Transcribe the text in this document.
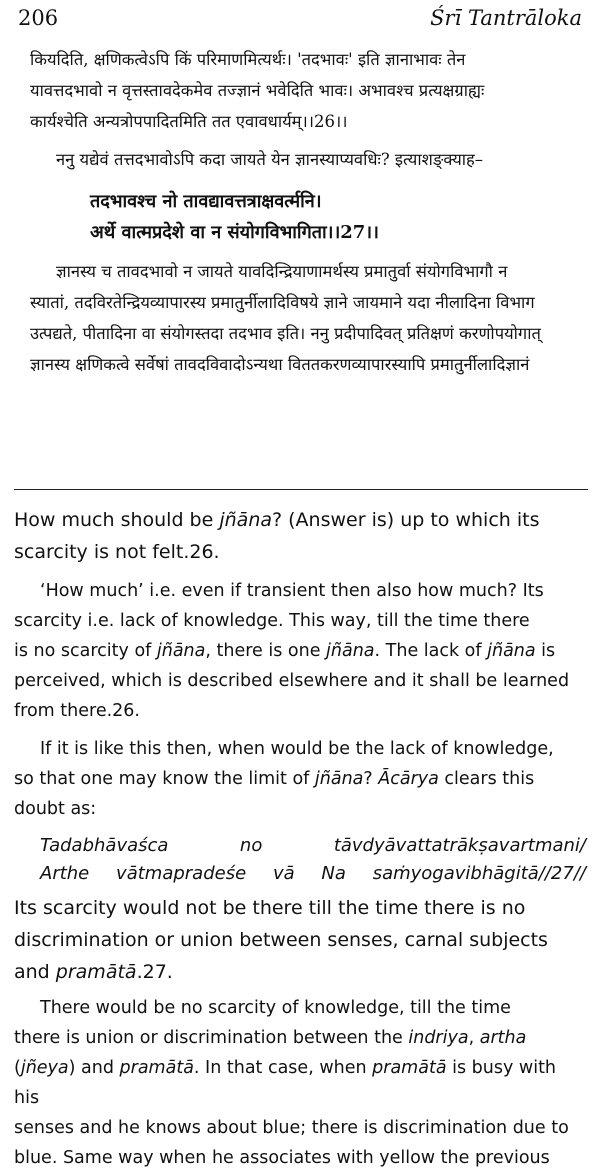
206	Śrī Tantrāloka
कियदिति, क्षणिकत्वेऽपि किं परिमाणमित्यर्थः। 'तदभावः' इति ज्ञानाभावः तेन
यावत्तदभावो न वृत्तस्तावदेकमेव तज्ज्ञानं भवेदिति भावः। अभावश्च प्रत्यक्षग्राह्यः
कार्यश्चेति अन्यत्रोपपादितमिति तत एवावधार्यम्।।26।।
ननु यद्येवं तत्तदभावोऽपि कदा जायते येन ज्ञानस्याप्यवधिः? इत्याशङ्क्याह–
तदभावश्च नो तावद्यावत्तत्राक्षवर्त्मनि।
अर्थे वात्मप्रदेशे वा न संयोगविभागिता।।27।।
ज्ञानस्य च तावदभावो न जायते यावदिन्द्रियाणामर्थस्य प्रमातुर्वा संयोगविभागौ न
स्यातां, तदविरतेन्द्रियव्यापारस्य प्रमातुर्नीलादिविषये ज्ञाने जायमाने यदा नीलादिना विभाग
उत्पद्यते, पीतादिना वा संयोगस्तदा तदभाव इति। ननु प्रदीपादिवत् प्रतिक्षणं करणोपयोगात्
ज्ञानस्य क्षणिकत्वे सर्वेषां तावदविवादोऽन्यथा विततकरणव्यापारस्यापि प्रमातुर्नीलादिज्ञानं
How much should be jñāna? (Answer is) up to which its
scarcity is not felt.26.
‘How much’ i.e. even if transient then also how much? Its
scarcity i.e. lack of knowledge. This way, till the time there
is no scarcity of jñāna, there is one jñāna. The lack of jñāna is
perceived, which is described elsewhere and it shall be learned
from there.26.
If it is like this then, when would be the lack of knowledge,
so that one may know the limit of jñāna? Ācārya clears this
doubt as:
Tadabhāvaśca	no	tāvdyāvattatrākṣavartmani/
Arthe vātmapradeśe vā Na saṁyogavibhāgitā//27//
Its scarcity would not be there till the time there is no
discrimination or union between senses, carnal subjects
and pramātā.27.
There would be no scarcity of knowledge, till the time
there is union or discrimination between the indriya, artha
(jñeya) and pramātā. In that case, when pramātā is busy with his
senses and he knows about blue; there is discrimination due to
blue. Same way when he associates with yellow the previous
